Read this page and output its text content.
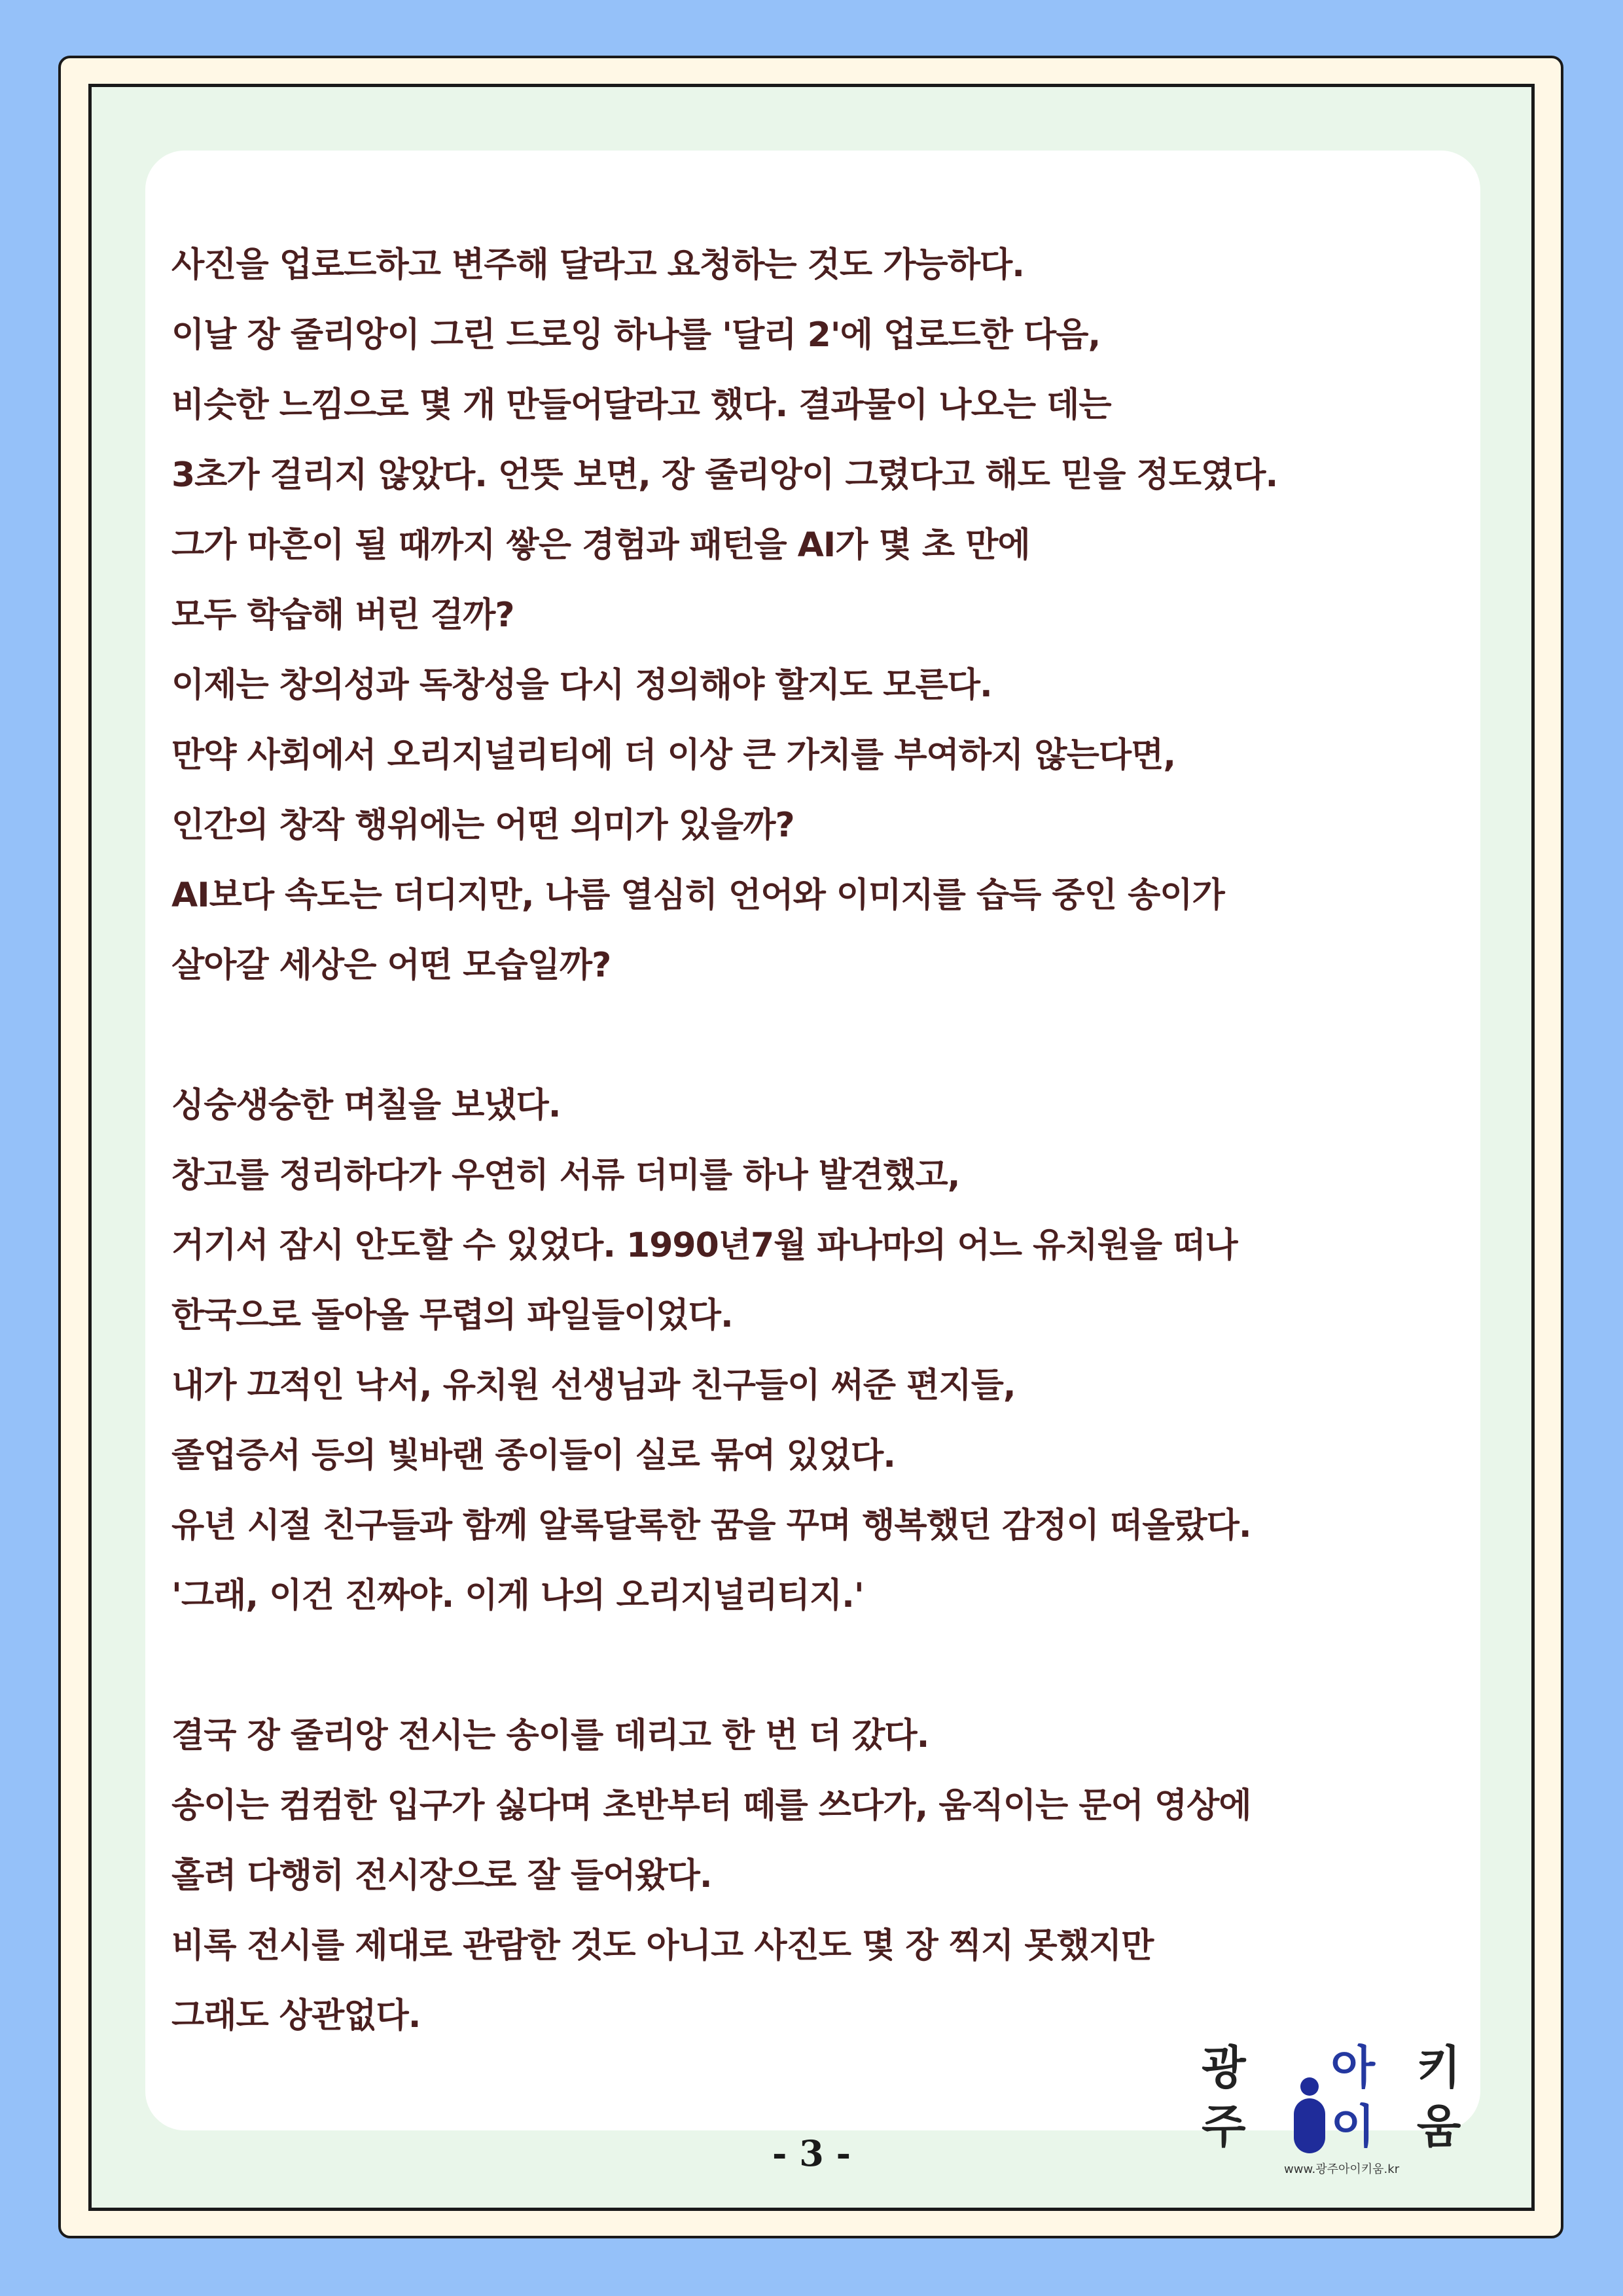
사진을 업로드하고 변주해 달라고 요청하는 것도 가능하다.
이날 장 줄리앙이 그린 드로잉 하나를 '달리 2'에 업로드한 다음,
비슷한 느낌으로 몇 개 만들어달라고 했다. 결과물이 나오는 데는
3초가 걸리지 않았다. 언뜻 보면, 장 줄리앙이 그렸다고 해도 믿을 정도였다.
그가 마흔이 될 때까지 쌓은 경험과 패턴을 AI가 몇 초 만에
모두 학습해 버린 걸까?
이제는 창의성과 독창성을 다시 정의해야 할지도 모른다.
만약 사회에서 오리지널리티에 더 이상 큰 가치를 부여하지 않는다면,
인간의 창작 행위에는 어떤 의미가 있을까?
AI보다 속도는 더디지만, 나름 열심히 언어와 이미지를 습득 중인 송이가
살아갈 세상은 어떤 모습일까?
싱숭생숭한 며칠을 보냈다.
창고를 정리하다가 우연히 서류 더미를 하나 발견했고,
거기서 잠시 안도할 수 있었다. 1990년7월 파나마의 어느 유치원을 떠나
한국으로 돌아올 무렵의 파일들이었다.
내가 끄적인 낙서, 유치원 선생님과 친구들이 써준 편지들,
졸업증서 등의 빛바랜 종이들이 실로 묶여 있었다.
유년 시절 친구들과 함께 알록달록한 꿈을 꾸며 행복했던 감정이 떠올랐다.
'그래, 이건 진짜야. 이게 나의 오리지널리티지.'
결국 장 줄리앙 전시는 송이를 데리고 한 번 더 갔다.
송이는 컴컴한 입구가 싫다며 초반부터 떼를 쓰다가, 움직이는 문어 영상에
홀려 다행히 전시장으로 잘 들어왔다.
비록 전시를 제대로 관람한 것도 아니고 사진도 몇 장 찍지 못했지만
그래도 상관없다.
- 3 -
광주
아이
키움
www.광주아이키움.kr
